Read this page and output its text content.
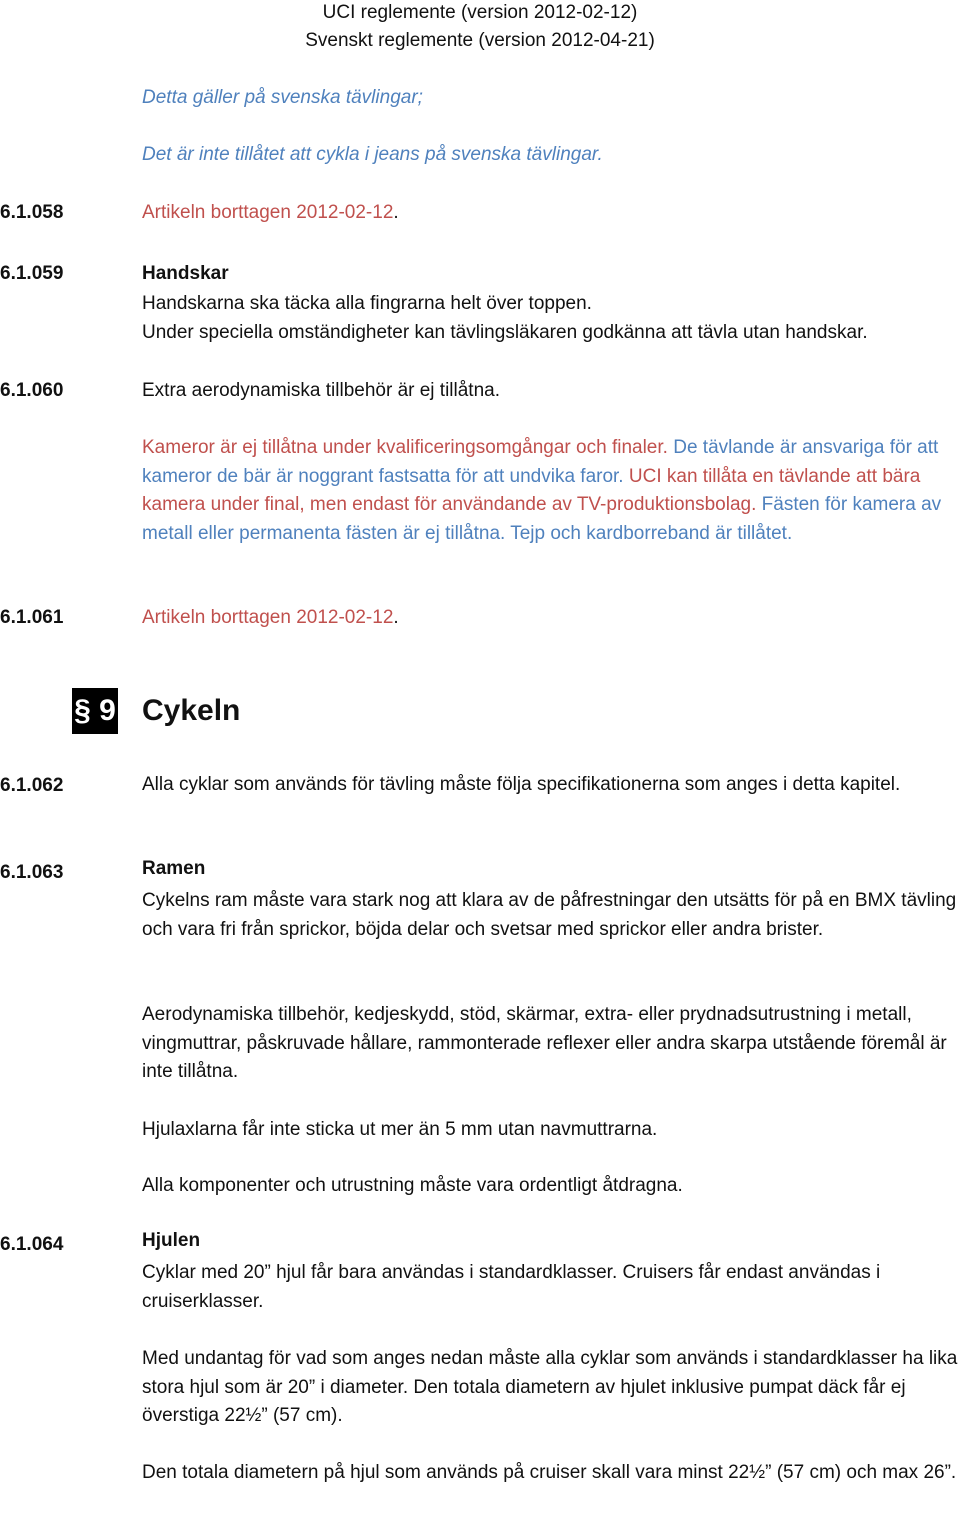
UCI reglemente (version 2012-02-12)
Svenskt reglemente (version 2012-04-21)
Detta gäller på svenska tävlingar;
Det är inte tillåtet att cykla i jeans på svenska tävlingar.
6.1.058	Artikeln borttagen 2012-02-12.
6.1.059	Handskar
Handskarna ska täcka alla fingrarna helt över toppen.
Under speciella omständigheter kan tävlingsläkaren godkänna att tävla utan handskar.
6.1.060	Extra aerodynamiska tillbehör är ej tillåtna.
Kameror är ej tillåtna under kvalificeringsomgångar och finaler. De tävlande är ansvariga för att kameror de bär är noggrant fastsatta för att undvika faror. UCI kan tillåta en tävlande att bära kamera under final, men endast för användande av TV-produktionsbolag. Fästen för kamera av metall eller permanenta fästen är ej tillåtna. Tejp och kardborreband är tillåtet.
6.1.061	Artikeln borttagen 2012-02-12.
§ 9 Cykeln
6.1.062	Alla cyklar som används för tävling måste följa specifikationerna som anges i detta kapitel.
6.1.063	Ramen
Cykelns ram måste vara stark nog att klara av de påfrestningar den utsätts för på en BMX tävling och vara fri från sprickor, böjda delar och svetsar med sprickor eller andra brister.
Aerodynamiska tillbehör, kedjeskydd, stöd, skärmar, extra- eller prydnadsutrustning i metall, vingmuttrar, påskruvade hållare, rammonterade reflexer eller andra skarpa utstående föremål är inte tillåtna.
Hjulaxlarna får inte sticka ut mer än 5 mm utan navmuttrarna.
Alla komponenter och utrustning måste vara ordentligt åtdragna.
6.1.064	Hjulen
Cyklar med 20” hjul får bara användas i standardklasser. Cruisers får endast användas i cruiserklasser.
Med undantag för vad som anges nedan måste alla cyklar som används i standardklasser ha lika stora hjul som är 20” i diameter. Den totala diametern av hjulet inklusive pumpat däck får ej överstiga 22½” (57 cm).
Den totala diametern på hjul som används på cruiser skall vara minst 22½” (57 cm) och max 26”.
